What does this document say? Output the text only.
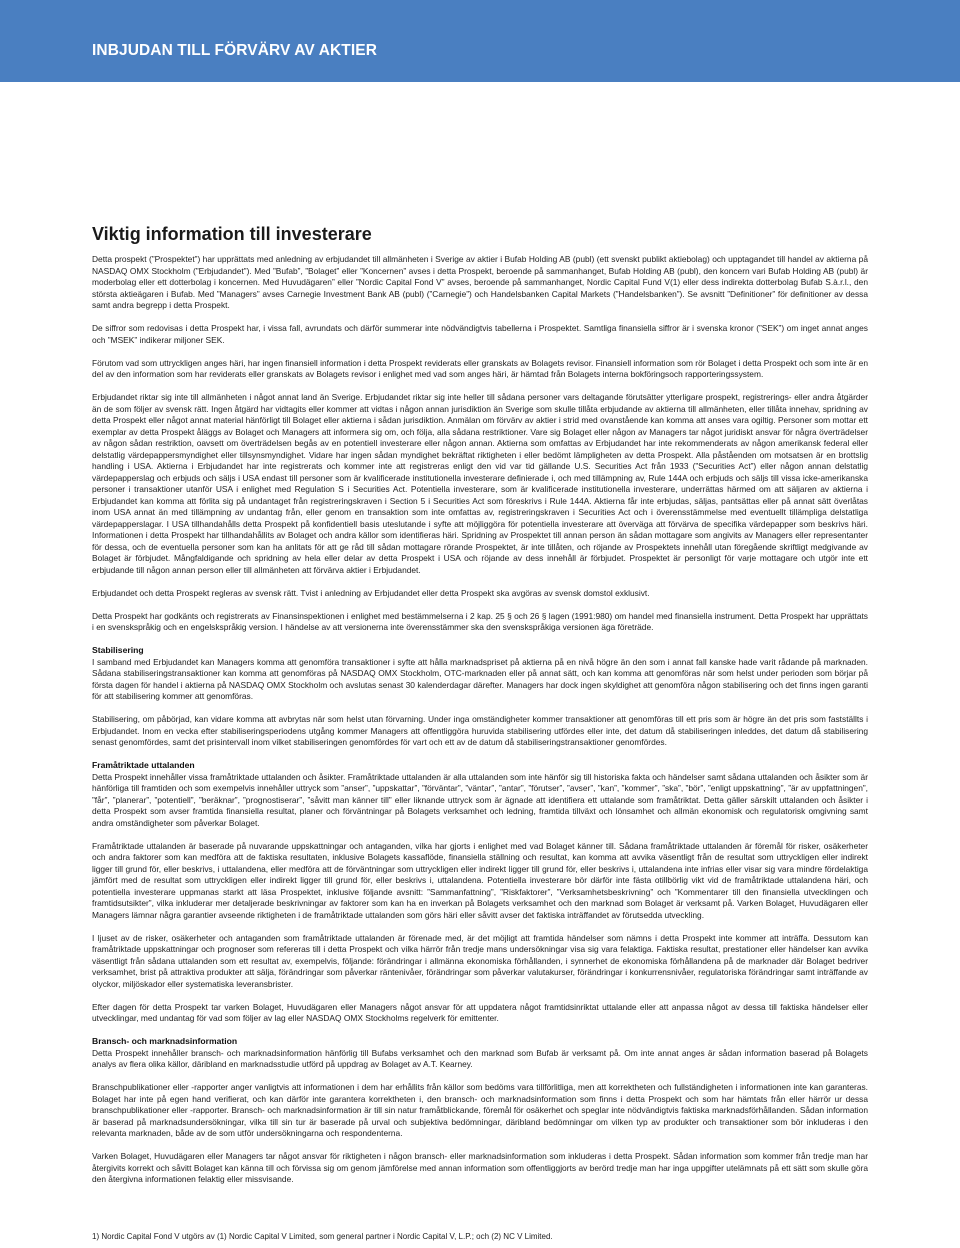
INBJUDAN TILL FÖRVÄRV AV AKTIER
Viktig information till investerare

Detta prospekt (”Prospektet”) har upprättats med anledning av erbjudandet till allmänheten i Sverige av aktier i Bufab Holding AB (publ) (ett svenskt publikt aktiebolag) och upptagandet till handel av aktierna på NASDAQ OMX Stockholm (”Erbjudandet”). Med ”Bufab”, ”Bolaget” eller ”Koncernen” avses i detta Prospekt, beroende på sammanhanget, Bufab Holding AB (publ), den koncern vari Bufab Holding AB (publ) är moderbolag eller ett dotterbolag i koncernen. Med Huvudägaren” eller ”Nordic Capital Fond V” avses, beroende på sammanhanget, Nordic Capital Fund V(1) eller dess indirekta dotterbolag Bufab S.à.r.l., den största aktieägaren i Bufab. Med ”Managers” avses Carnegie Investment Bank AB (publ) (”Carnegie”) och Handelsbanken Capital Markets (”Handelsbanken”). Se avsnitt ”Definitioner” för definitioner av dessa samt andra begrepp i detta Prospekt.

De siffror som redovisas i detta Prospekt har, i vissa fall, avrundats och därför summerar inte nödvändigtvis tabellerna i Prospektet. Samtliga finansiella siffror är i svenska kronor (”SEK”) om inget annat anges och ”MSEK” indikerar miljoner SEK.

Förutom vad som uttryckligen anges häri, har ingen finansiell information i detta Prospekt reviderats eller granskats av Bolagets revisor. Finansiell information som rör Bolaget i detta Prospekt och som inte är en del av den information som har reviderats eller granskats av Bolagets revisor i enlighet med vad som anges häri, är hämtad från Bolagets interna bokföringsoch rapporteringssystem.

Erbjudandet riktar sig inte till allmänheten i något annat land än Sverige. Erbjudandet riktar sig inte heller till sådana personer vars deltagande förutsätter ytterligare prospekt, registrerings- eller andra åtgärder än de som följer av svensk rätt. Ingen åtgärd har vidtagits eller kommer att vidtas i någon annan jurisdiktion än Sverige som skulle tillåta erbjudande av aktierna till allmänheten, eller tillåta innehav, spridning av detta Prospekt eller något annat material hänförligt till Bolaget eller aktierna i sådan jurisdiktion. Anmälan om förvärv av aktier i strid med ovanstående kan komma att anses vara ogiltig. Personer som mottar ett exemplar av detta Prospekt åläggs av Bolaget och Managers att informera sig om, och följa, alla sådana restriktioner. Vare sig Bolaget eller någon av Managers tar något juridiskt ansvar för några överträdelser av någon sådan restriktion, oavsett om överträdelsen begås av en potentiell investerare eller någon annan. Aktierna som omfattas av Erbjudandet har inte rekommenderats av någon amerikansk federal eller delstatlig värdepappersmyndighet eller tillsynsmyndighet. Vidare har ingen sådan myndighet bekräftat riktigheten i eller bedömt lämpligheten av detta Prospekt. Alla påståenden om motsatsen är en brottslig handling i USA. Aktierna i Erbjudandet har inte registrerats och kommer inte att registreras enligt den vid var tid gällande U.S. Securities Act från 1933 (”Securities Act”) eller någon annan delstatlig värdepapperslag och erbjuds och säljs i USA endast till personer som är kvalificerade institutionella investerare definierade i, och med tillämpning av, Rule 144A och erbjuds och säljs till vissa icke-amerikanska personer i transaktioner utanför USA i enlighet med Regulation S i Securities Act. Potentiella investerare, som är kvalificerade institutionella investerare, underrättas härmed om att säljaren av aktierna i Erbjudandet kan komma att förlita sig på undantaget från registreringskraven i Section 5 i Securities Act som föreskrivs i Rule 144A. Aktierna får inte erbjudas, säljas, pantsättas eller på annat sätt överlåtas inom USA annat än med tillämpning av undantag från, eller genom en transaktion som inte omfattas av, registreringskraven i Securities Act och i överensstämmelse med eventuellt tillämpliga delstatliga värdepapperslagar. I USA tillhandahålls detta Prospekt på konfidentiell basis uteslutande i syfte att möjliggöra för potentiella investerare att överväga att förvärva de specifika värdepapper som beskrivs häri. Informationen i detta Prospekt har tillhandahållits av Bolaget och andra källor som identifieras häri. Spridning av Prospektet till annan person än sådan mottagare som angivits av Managers eller representanter för dessa, och de eventuella personer som kan ha anlitats för att ge råd till sådan mottagare rörande Prospektet, är inte tillåten, och röjande av Prospektets innehåll utan föregående skriftligt medgivande av Bolaget är förbjudet. Mångfaldigande och spridning av hela eller delar av detta Prospekt i USA och röjande av dess innehåll är förbjudet. Prospektet är personligt för varje mottagare och utgör inte ett erbjudande till någon annan person eller till allmänheten att förvärva aktier i Erbjudandet.

Erbjudandet och detta Prospekt regleras av svensk rätt. Tvist i anledning av Erbjudandet eller detta Prospekt ska avgöras av svensk domstol exklusivt.

Detta Prospekt har godkänts och registrerats av Finansinspektionen i enlighet med bestämmelserna i 2 kap. 25 § och 26 § lagen (1991:980) om handel med finansiella instrument. Detta Prospekt har upprättats i en svenskspråkig och en engelskspråkig version. I händelse av att versionerna inte överensstämmer ska den svenskspråkiga versionen äga företräde.

Stabilisering

I samband med Erbjudandet kan Managers komma att genomföra transaktioner i syfte att hålla marknadspriset på aktierna på en nivå högre än den som i annat fall kanske hade varit rådande på marknaden. Sådana stabiliseringstransaktioner kan komma att genomföras på NASDAQ OMX Stockholm, OTC-marknaden eller på annat sätt, och kan komma att genomföras när som helst under perioden som börjar på första dagen för handel i aktierna på NASDAQ OMX Stockholm och avslutas senast 30 kalenderdagar därefter. Managers har dock ingen skyldighet att genomföra någon stabilisering och det finns ingen garanti för att stabilisering kommer att genomföras.

Stabilisering, om påbörjad, kan vidare komma att avbrytas när som helst utan förvarning. Under inga omständigheter kommer transaktioner att genomföras till ett pris som är högre än det pris som fastställts i Erbjudandet. Inom en vecka efter stabiliseringsperiodens utgång kommer Managers att offentliggöra huruvida stabilisering utfördes eller inte, det datum då stabiliseringen inleddes, det datum då stabilisering senast genomfördes, samt det prisintervall inom vilket stabiliseringen genomfördes för vart och ett av de datum då stabiliseringstransaktioner genomfördes.

Framåtriktade uttalanden

Detta Prospekt innehåller vissa framåtriktade uttalanden och åsikter. Framåtriktade uttalanden är alla uttalanden som inte hänför sig till historiska fakta och händelser samt sådana uttalanden och åsikter som är hänförliga till framtiden och som exempelvis innehåller uttryck som ”anser”, ”uppskattar”, ”förväntar”, ”väntar”, ”antar”, ”förutser”, ”avser”, ”kan”, ”kommer”, ”ska”, ”bör”, ”enligt uppskattning”, ”är av uppfattningen”, ”får”, ”planerar”, ”potentiell”, ”beräknar”, ”prognostiserar”, ”såvitt man känner till” eller liknande uttryck som är ägnade att identifiera ett uttalande som framåtriktat. Detta gäller särskilt uttalanden och åsikter i detta Prospekt som avser framtida finansiella resultat, planer och förväntningar på Bolagets verksamhet och ledning, framtida tillväxt och lönsamhet och allmän ekonomisk och regulatorisk omgivning samt andra omständigheter som påverkar Bolaget.

Framåtriktade uttalanden är baserade på nuvarande uppskattningar och antaganden, vilka har gjorts i enlighet med vad Bolaget känner till. Sådana framåtriktade uttalanden är föremål för risker, osäkerheter och andra faktorer som kan medföra att de faktiska resultaten, inklusive Bolagets kassaflöde, finansiella ställning och resultat, kan komma att avvika väsentligt från de resultat som uttryckligen eller indirekt ligger till grund för, eller beskrivs, i uttalandena, eller medföra att de förväntningar som uttryckligen eller indirekt ligger till grund för, eller beskrivs i, uttalandena inte infrias eller visar sig vara mindre fördelaktiga jämfört med de resultat som uttryckligen eller indirekt ligger till grund för, eller beskrivs i, uttalandena. Potentiella investerare bör därför inte fästa otillbörlig vikt vid de framåtriktade uttalandena häri, och potentiella investerare uppmanas starkt att läsa Prospektet, inklusive följande avsnitt: ”Sammanfattning”, ”Riskfaktorer”, ”Verksamhetsbeskrivning” och ”Kommentarer till den finansiella utvecklingen och framtidsutsikter”, vilka inkluderar mer detaljerade beskrivningar av faktorer som kan ha en inverkan på Bolagets verksamhet och den marknad som Bolaget är verksamt på. Varken Bolaget, Huvudägaren eller Managers lämnar några garantier avseende riktigheten i de framåtriktade uttalanden som görs häri eller såvitt avser det faktiska inträffandet av förutsedda utveckling.

I ljuset av de risker, osäkerheter och antaganden som framåtriktade uttalanden är förenade med, är det möjligt att framtida händelser som nämns i detta Prospekt inte kommer att inträffa. Dessutom kan framåtriktade uppskattningar och prognoser som refereras till i detta Prospekt och vilka härrör från tredje mans undersökningar visa sig vara felaktiga. Faktiska resultat, prestationer eller händelser kan avvika väsentligt från sådana uttalanden som ett resultat av, exempelvis, följande: förändringar i allmänna ekonomiska förhållanden, i synnerhet de ekonomiska förhållandena på de marknader där Bolaget bedriver verksamhet, brist på attraktiva produkter att sälja, förändringar som påverkar räntenivåer, förändringar som påverkar valutakurser, förändringar i konkurrensnivåer, regulatoriska förändringar samt inträffande av olyckor, miljöskador eller systematiska leveransbrister.

Efter dagen för detta Prospekt tar varken Bolaget, Huvudägaren eller Managers något ansvar för att uppdatera något framtidsinriktat uttalande eller att anpassa något av dessa till faktiska händelser eller utvecklingar, med undantag för vad som följer av lag eller NASDAQ OMX Stockholms regelverk för emittenter.

Bransch- och marknadsinformation

Detta Prospekt innehåller bransch- och marknadsinformation hänförlig till Bufabs verksamhet och den marknad som Bufab är verksamt på. Om inte annat anges är sådan information baserad på Bolagets analys av flera olika källor, däribland en marknadsstudie utförd på uppdrag av Bolaget av A.T. Kearney.

Branschpublikationer eller -rapporter anger vanligtvis att informationen i dem har erhållits från källor som bedöms vara tillförlitliga, men att korrektheten och fullständigheten i informationen inte kan garanteras. Bolaget har inte på egen hand verifierat, och kan därför inte garantera korrektheten i, den bransch- och marknadsinformation som finns i detta Prospekt och som har hämtats från eller härrör ur dessa branschpublikationer eller -rapporter. Bransch- och marknadsinformation är till sin natur framåtblickande, föremål för osäkerhet och speglar inte nödvändigtvis faktiska marknadsförhållanden. Sådan information är baserad på marknadsundersökningar, vilka till sin tur är baserade på urval och subjektiva bedömningar, däribland bedömningar om vilken typ av produkter och transaktioner som bör inkluderas i den relevanta marknaden, både av de som utför undersökningarna och respondenterna.

Varken Bolaget, Huvudägaren eller Managers tar något ansvar för riktigheten i någon bransch- eller marknadsinformation som inkluderas i detta Prospekt. Sådan information som kommer från tredje man har återgivits korrekt och såvitt Bolaget kan känna till och förvissa sig om genom jämförelse med annan information som offentliggjorts av berörd tredje man har inga uppgifter utelämnats på ett sätt som skulle göra den återgivna informationen felaktig eller missvisande.

1) Nordic Capital Fond V utgörs av (1) Nordic Capital V Limited, som general partner i Nordic Capital V, L.P.; och (2) NC V Limited.
